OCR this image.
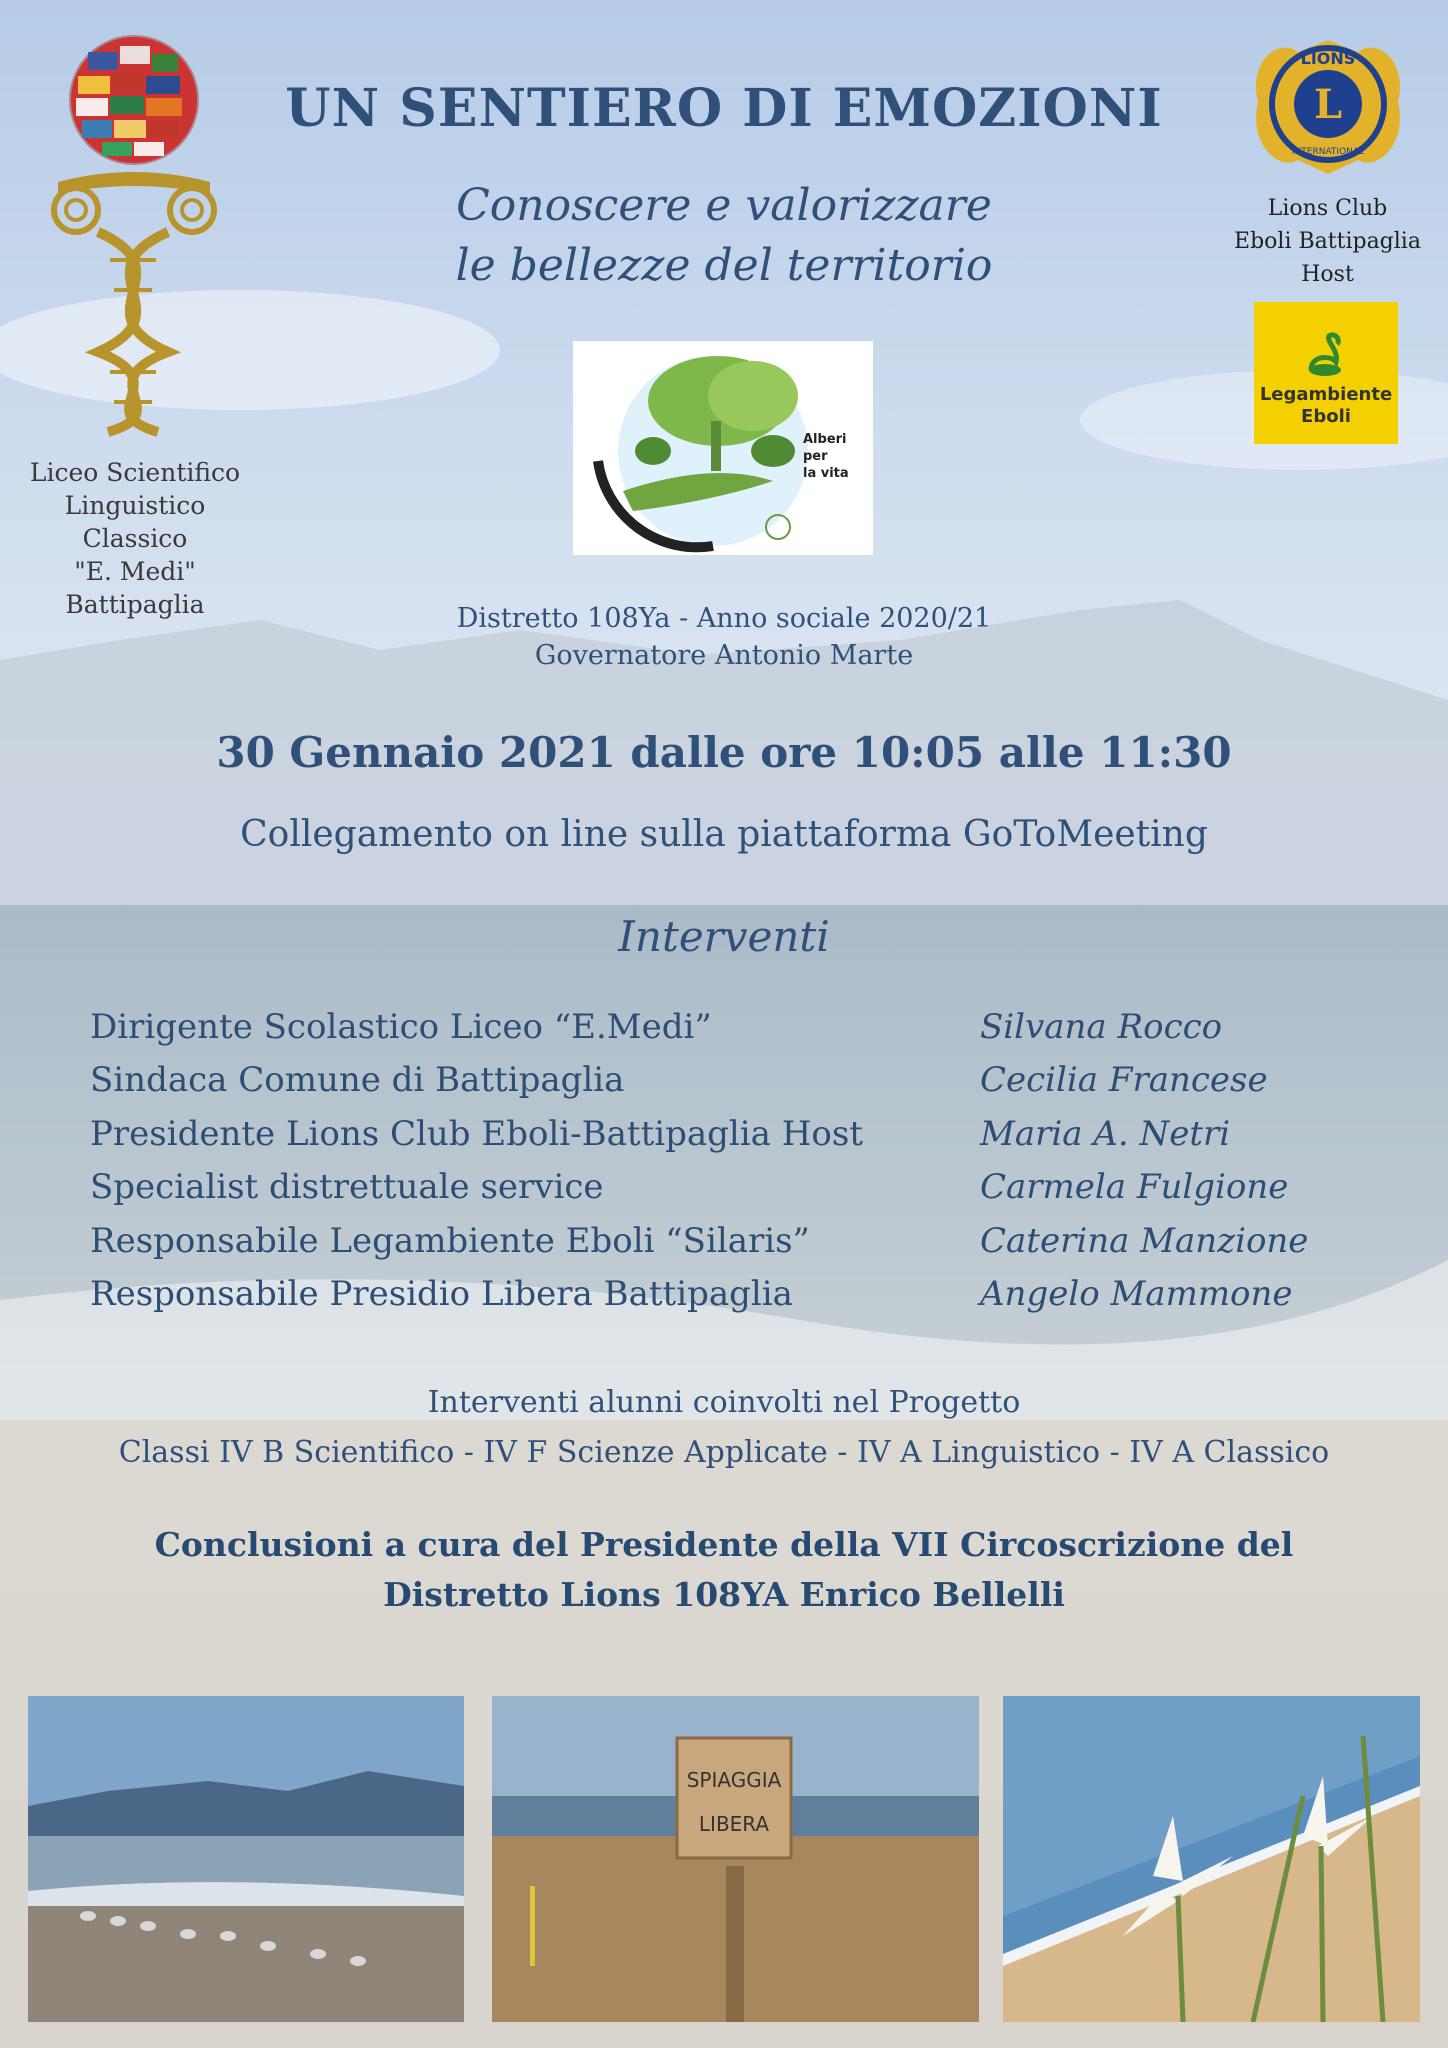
Liceo Scientifico
Linguistico
Classico
"E. Medi"
Battipaglia
UN SENTIERO DI EMOZIONI
Conoscere e valorizzare
le bellezze del territorio
L
LIONS
INTERNATIONAL
Lions Club
Eboli Battipaglia Host
Legambiente
Eboli
Alberi per
la vita
Distretto 108Ya - Anno sociale 2020/21
Governatore Antonio Marte
30 Gennaio 2021 dalle ore 10:05 alle 11:30
Collegamento on line sulla piattaforma GoToMeeting
Interventi
Dirigente Scolastico Liceo “E.Medi”	Silvana Rocco
Sindaca Comune di Battipaglia	Cecilia Francese
Presidente Lions Club Eboli-Battipaglia Host	Maria A. Netri
Specialist distrettuale service	Carmela Fulgione
Responsabile Legambiente Eboli “Silaris”	Caterina Manzione
Responsabile Presidio Libera Battipaglia	Angelo Mammone
Interventi alunni coinvolti nel Progetto
Classi IV B Scientifico - IV F Scienze Applicate - IV A Linguistico - IV A Classico
Conclusioni a cura del Presidente della VII Circoscrizione del
Distretto Lions 108YA Enrico Bellelli
SPIAGGIA
LIBERA
